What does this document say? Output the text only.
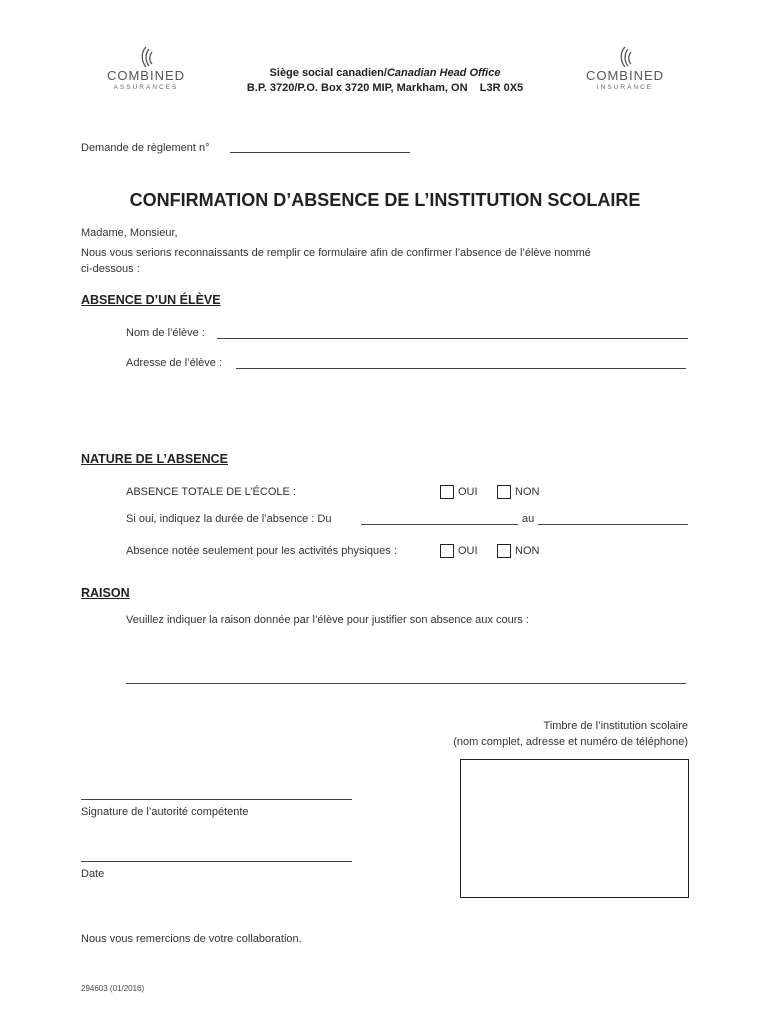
COMBINED
ASSURANCES
COMBINED
INSURANCE
Siège social canadien/Canadian Head Office
B.P. 3720/P.O. Box 3720 MIP, Markham, ON    L3R 0X5
Demande de règlement n°
CONFIRMATION D’ABSENCE DE L’INSTITUTION SCOLAIRE
Madame, Monsieur,
Nous vous serions reconnaissants de remplir ce formulaire afin de confirmer l’absence de l’élève nommé
ci-dessous :
ABSENCE D’UN ÉLÈVE
Nom de l’élève :
Adresse de l’élève :
NATURE DE L’ABSENCE
ABSENCE TOTALE DE L’ÉCOLE :	OUI	NON
Si oui, indiquez la durée de l’absence : Du	au
Absence notée seulement pour les activités physiques :	OUI	NON
RAISON
Veuillez indiquer la raison donnée par l’élève pour justifier son absence aux cours :
Timbre de l’institution scolaire
(nom complet, adresse et numéro de téléphone)
Signature de l’autorité compétente
Date
Nous vous remercions de votre collaboration.
294603 (01/2016)
